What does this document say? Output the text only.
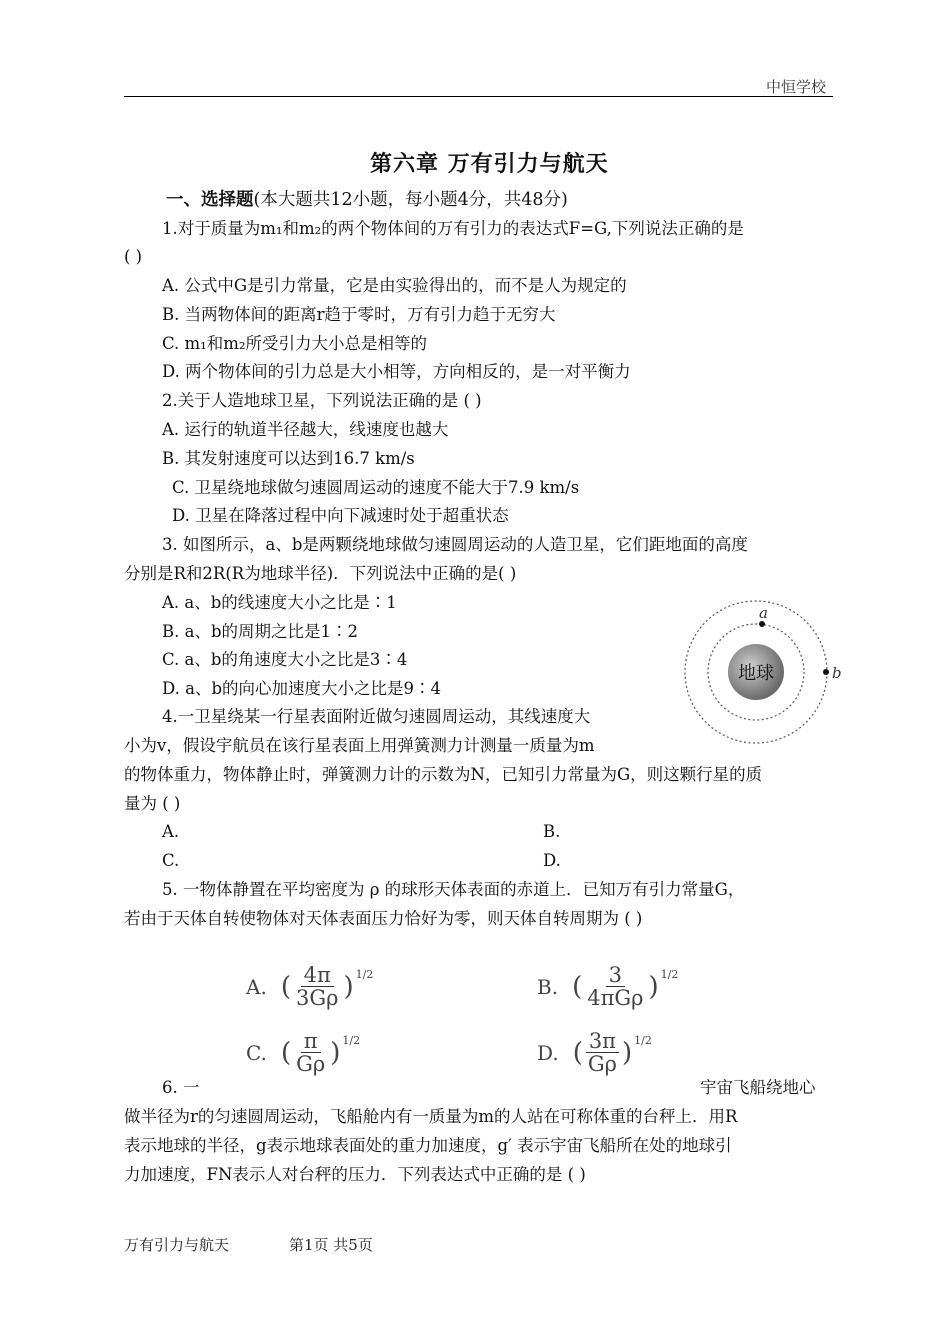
中恒学校
第六章 万有引力与航天
一、选择题(本大题共12小题，每小题4分，共48分)
1.对于质量为m₁和m₂的两个物体间的万有引力的表达式F=G,下列说法正确的是
( )
A. 公式中G是引力常量，它是由实验得出的，而不是人为规定的
B. 当两物体间的距离r趋于零时，万有引力趋于无穷大
C. m₁和m₂所受引力大小总是相等的
D. 两个物体间的引力总是大小相等，方向相反的，是一对平衡力
2.关于人造地球卫星，下列说法正确的是 ( )
A. 运行的轨道半径越大，线速度也越大
B. 其发射速度可以达到16.7 km/s
C. 卫星绕地球做匀速圆周运动的速度不能大于7.9 km/s
D. 卫星在降落过程中向下减速时处于超重状态
3. 如图所示，a、b是两颗绕地球做匀速圆周运动的人造卫星，它们距地面的高度
分别是R和2R(R为地球半径)．下列说法中正确的是( )
A. a、b的线速度大小之比是∶1
B. a、b的周期之比是1∶2
C. a、b的角速度大小之比是3∶4
D. a、b的向心加速度大小之比是9∶4
地球
a
b
4.一卫星绕某一行星表面附近做匀速圆周运动，其线速度大
小为v，假设宇航员在该行星表面上用弹簧测力计测量一质量为m
的物体重力，物体静止时，弹簧测力计的示数为N，已知引力常量为G，则这颗行星的质
量为 ( )
A.	B.
C.	D.
5. 一物体静置在平均密度为 ρ 的球形天体表面的赤道上．已知万有引力常量G，
若由于天体自转使物体对天体表面压力恰好为零，则天体自转周期为 ( )
A. ( $\frac{4\pi}{3G\rho} )^{1/2}$	B. ( $\frac{3}{\text{4πGρ}} )^{1/2}$
C. ( $\frac{\pi}{G\rho} )^{1/2}$	D. ( $\frac{3\pi}{G\rho} )^{1/2}$
6. 一	宇宙飞船绕地心
做半径为r的匀速圆周运动，飞船舱内有一质量为m的人站在可称体重的台秤上．用R
表示地球的半径，g表示地球表面处的重力加速度，g′ 表示宇宙飞船所在处的地球引
力加速度，FN表示人对台秤的压力．下列表达式中正确的是 ( )
万有引力与航天	第1页 共5页
